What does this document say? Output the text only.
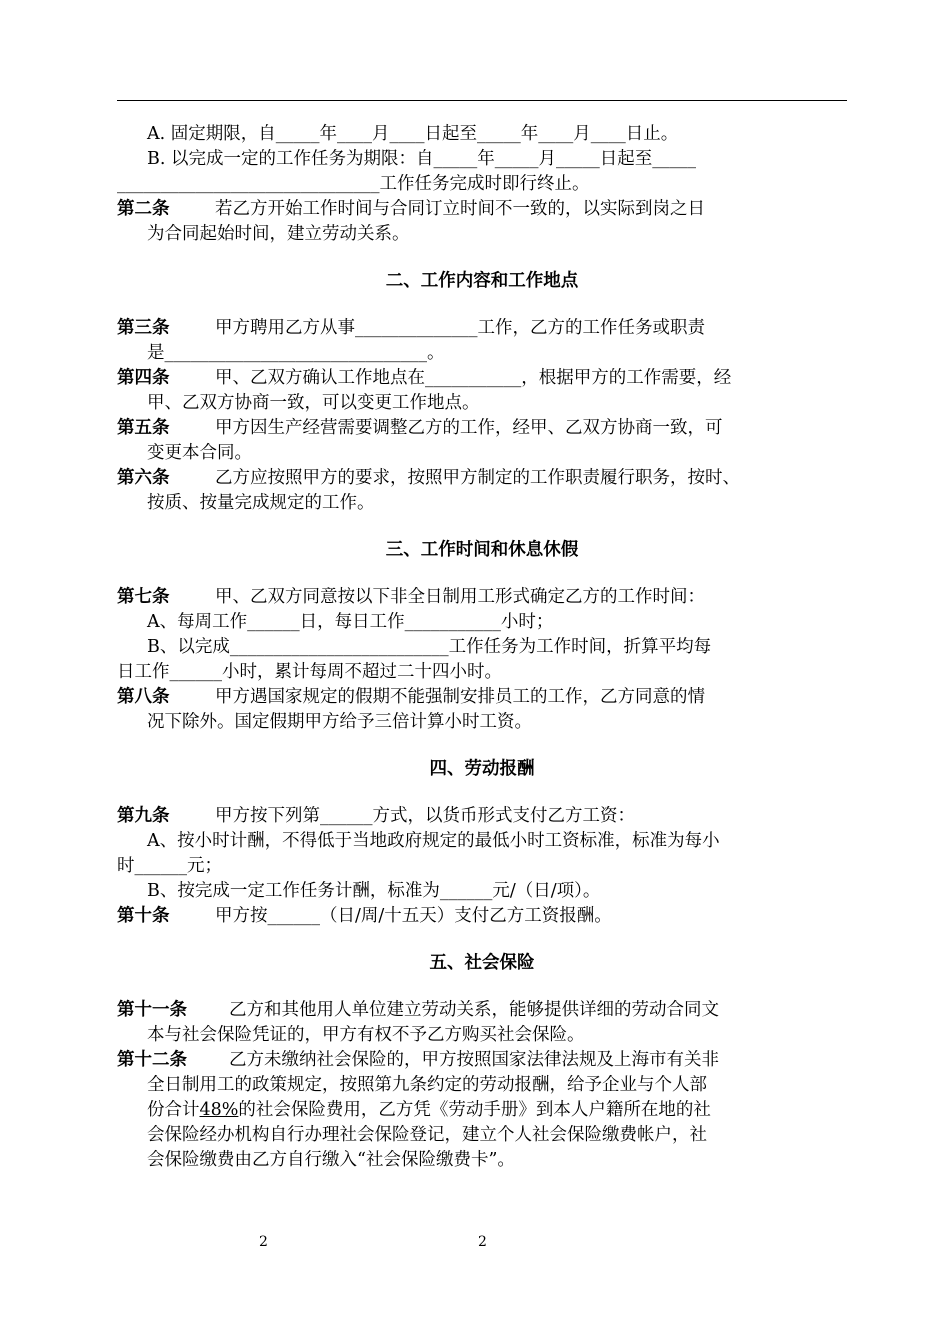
A. 固定期限，自_____年____月____日起至_____年____月____日止。
B. 以完成一定的工作任务为期限：自_____年_____月_____日起至_____
______________________________工作任务完成时即行终止。
第二条	若乙方开始工作时间与合同订立时间不一致的，以实际到岗之日
为合同起始时间，建立劳动关系。
二、工作内容和工作地点
第三条	甲方聘用乙方从事______________工作，乙方的工作任务或职责
是______________________________。
第四条	甲、乙双方确认工作地点在___________，根据甲方的工作需要，经
甲、乙双方协商一致，可以变更工作地点。
第五条	甲方因生产经营需要调整乙方的工作，经甲、乙双方协商一致，可
变更本合同。
第六条	乙方应按照甲方的要求，按照甲方制定的工作职责履行职务，按时、
按质、按量完成规定的工作。
三、工作时间和休息休假
第七条	甲、乙双方同意按以下非全日制用工形式确定乙方的工作时间：
A、每周工作______日，每日工作___________小时；
B、以完成_________________________工作任务为工作时间，折算平均每
日工作______小时，累计每周不超过二十四小时。
第八条	甲方遇国家规定的假期不能强制安排员工的工作，乙方同意的情
况下除外。国定假期甲方给予三倍计算小时工资。
四、劳动报酬
第九条	甲方按下列第______方式，以货币形式支付乙方工资：
A、按小时计酬，不得低于当地政府规定的最低小时工资标准，标准为每小
时______元；
B、按完成一定工作任务计酬，标准为______元/（日/项）。
第十条	甲方按______（日/周/十五天）支付乙方工资报酬。
五、社会保险
第十一条 乙方和其他用人单位建立劳动关系，能够提供详细的劳动合同文
本与社会保险凭证的，甲方有权不予乙方购买社会保险。
第十二条 乙方未缴纳社会保险的，甲方按照国家法律法规及上海市有关非
全日制用工的政策规定，按照第九条约定的劳动报酬，给予企业与个人部
份合计48%的社会保险费用，乙方凭《劳动手册》到本人户籍所在地的社
会保险经办机构自行办理社会保险登记，建立个人社会保险缴费帐户，社
会保险缴费由乙方自行缴入“社会保险缴费卡”。
2	2
